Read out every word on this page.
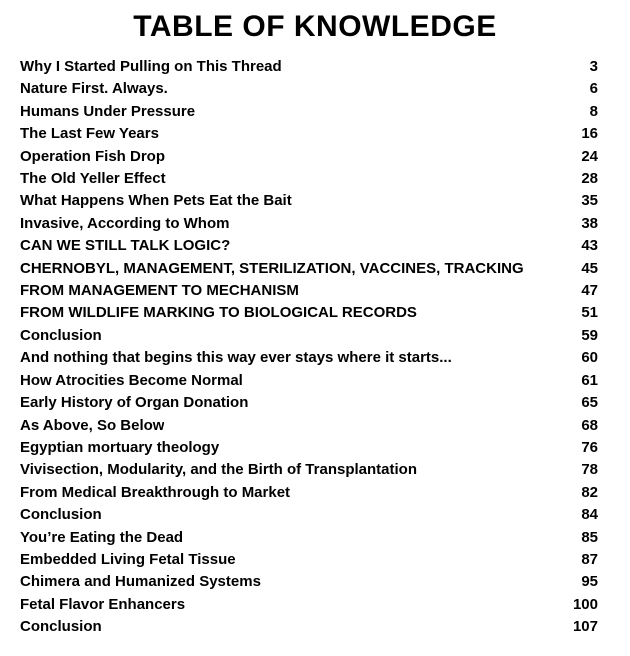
TABLE OF KNOWLEDGE
Why I Started Pulling on This Thread	3
Nature First. Always.	6
Humans Under Pressure	8
The Last Few Years	16
Operation Fish Drop	24
The Old Yeller Effect	28
What Happens When Pets Eat the Bait	35
Invasive, According to Whom	38
CAN WE STILL TALK LOGIC?	43
CHERNOBYL, MANAGEMENT, STERILIZATION, VACCINES, TRACKING	45
FROM MANAGEMENT TO MECHANISM	47
FROM WILDLIFE MARKING TO BIOLOGICAL RECORDS	51
Conclusion	59
And nothing that begins this way ever stays where it starts...	60
How Atrocities Become Normal	61
Early History of Organ Donation	65
As Above, So Below	68
Egyptian mortuary theology	76
Vivisection, Modularity, and the Birth of Transplantation	78
From Medical Breakthrough to Market	82
Conclusion	84
You’re Eating the Dead	85
Embedded Living Fetal Tissue	87
Chimera and Humanized Systems	95
Fetal Flavor Enhancers	100
Conclusion	107
